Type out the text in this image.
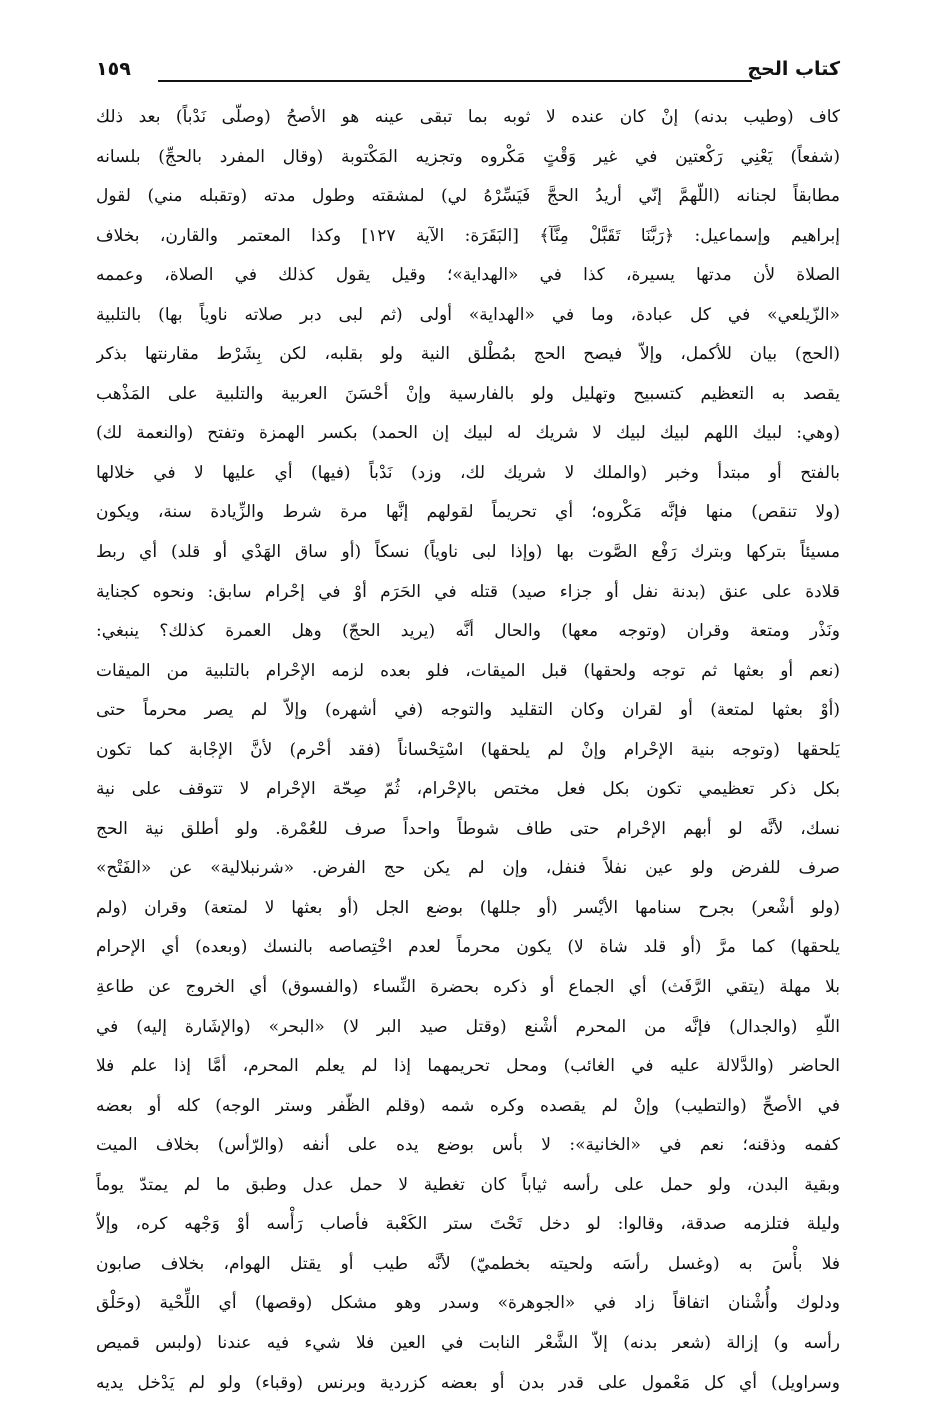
كتاب الحج
١٥٩
كاف (وطيب بدنه) إنْ كان عنده لا ثوبه بما تبقى عينه هو الأصحُ (وصلّى نَدْباً) بعد ذلك
(شفعاً) يَعْنِي رَكْعتين في غير وَقْتٍ مَكْروه وتجزيه المَكْتوبة (وقال المفرد بالحجِّ) بلسانه
مطابقاً لجنانه (اللّهمَّ إنّي أريدُ الحجَّ فَيَسِّرْهُ لي) لمشقته وطول مدته (وتقبله مني) لقول
إبراهيم وإسماعيل: ﴿رَبَّنَا تَقَبَّلْ مِنَّآ﴾ [البَقَرَة: الآية ١٢٧] وكذا المعتمر والقارن، بخلاف
الصلاة لأن مدتها يسيرة، كذا في «الهداية»؛ وقيل يقول كذلك في الصلاة، وعممه
«الزّيلعي» في كل عبادة، وما في «الهداية» أولى (ثم لبى دبر صلاته ناوياً بها) بالتلبية
(الحج) بيان للأكمل، وإلاّ فيصح الحج بمُطْلق النية ولو بقلبه، لكن بِشَرْط مقارنتها بذكر
يقصد به التعظيم كتسبيح وتهليل ولو بالفارسية وإنْ أحْسَنَ العربية والتلبية على المَذْهب
(وهي: لبيك اللهم لبيك لبيك لا شريك له لبيك إن الحمد) بكسر الهمزة وتفتح (والنعمة لك)
بالفتح أو مبتدأ وخبر (والملك لا شريك لك، وزد) نَدْباً (فيها) أي عليها لا في خلالها
(ولا تنقص) منها فإنَّه مَكْروه؛ أي تحريماً لقولهم إنَّها مرة شرط والزِّيادة سنة، ويكون
مسيئاً بتركها وبترك رَفْع الصَّوت بها (وإذا لبى ناوياً) نسكاً (أو ساق الهَدْي أو قلد) أي ربط
قلادة على عنق (بدنة نفل أو جزاء صيد) قتله في الحَرَم أوْ في إحْرام سابق: ونحوه كجناية
ونَذْر ومتعة وقران (وتوجه معها) والحال أنَّه (يريد الحجّ) وهل العمرة كذلك؟ ينبغي:
(نعم أو بعثها ثم توجه ولحقها) قبل الميقات، فلو بعده لزمه الإحْرام بالتلبية من الميقات
(أوْ بعثها لمتعة) أو لقران وكان التقليد والتوجه (في أشهره) وإلاّ لم يصر محرماً حتى
يَلحقها (وتوجه بنية الإحْرام وإنْ لم يلحقها) اسْتِحْساناً (فقد أحْرم) لأنَّ الإجْابة كما تكون
بكل ذكر تعظيمي تكون بكل فعل مختص بالإحْرام، ثُمّ صِحّة الإحْرام لا تتوقف على نية
نسك، لأنَّه لو أبهم الإحْرام حتى طاف شوطاً واحداً صرف للعُمْرة. ولو أطلق نية الحج
صرف للفرض ولو عين نفلاً فنفل، وإن لم يكن حج الفرض. «شرنبلالية» عن «الفَتْح»
(ولو أشْعر) بجرح سنامها الأيْسر (أو جللها) بوضع الجل (أو بعثها لا لمتعة) وقران (ولم
يلحقها) كما مرَّ (أو قلد شاة لا) يكون محرماً لعدم اخْتِصاصه بالنسك (وبعده) أي الإحرام
بلا مهلة (يتقي الرَّفَث) أي الجماع أو ذكره بحضرة النِّساء (والفسوق) أي الخروج عن طاعةِ
اللّهِ (والجدال) فإنَّه من المحرم أشْنع (وقتل صيد البر لا) «البحر» (والإشَارة إليه) في
الحاضر (والدَّلالة عليه في الغائب) ومحل تحريمهما إذا لم يعلم المحرم، أمَّا إذا علم فلا
في الأصحِّ (والتطيب) وإنْ لم يقصده وكره شمه (وقلم الظّفر وستر الوجه) كله أو بعضه
كفمه وذقنه؛ نعم في «الخانية»: لا بأس بوضع يده على أنفه (والرّأس) بخلاف الميت
وبقية البدن، ولو حمل على رأسه ثياباً كان تغطية لا حمل عدل وطبق ما لم يمتدّ يوماً
وليلة فتلزمه صدقة، وقالوا: لو دخل تَحْتَ ستر الكَعْبة فأصاب رَأْسه أوْ وَجْهه كره، وإلاّ
فلا بأْسَ به (وغسل رأسَه ولحيته بخطميّ) لأنَّه طيب أو يقتل الهوام، بخلاف صابون
ودلوك وأُشْنان اتفاقاً زاد في «الجوهرة» وسدر وهو مشكل (وقصها) أي اللِّحْية (وحَلْق
رأسه و) إزالة (شعر بدنه) إلاّ الشَّعْر النابت في العين فلا شيء فيه عندنا (ولبس قميص
وسراويل) أي كل مَعْمول على قدر بدن أو بعضه كزردية وبرنس (وقباء) ولو لم يَدْخل يديه
